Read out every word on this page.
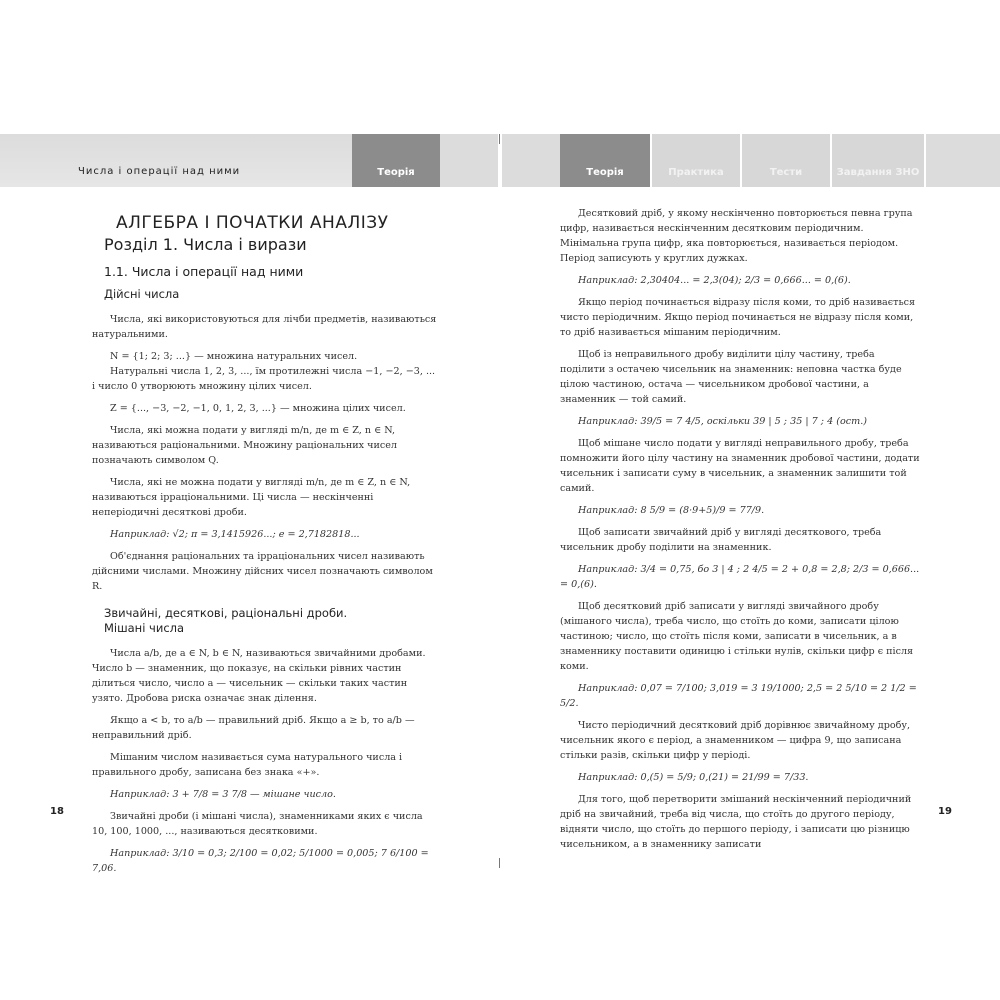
Числа і операції над ними	Теорія	Теорія	Практика	Тести	Завдання ЗНО
АЛГЕБРА І ПОЧАТКИ АНАЛІЗУ
Розділ 1. Числа і вирази
1.1. Числа і операції над ними
Дійсні числа

Числа, які використовуються для лічби предметів, називаються натуральними.

N = {1; 2; 3; ...} — множина натуральних чисел.

Натуральні числа 1, 2, 3, ..., їм протилежні числа −1, −2, −3, ... і число 0 утворюють множину цілих чисел.

Z = {..., −3, −2, −1, 0, 1, 2, 3, ...} — множина цілих чисел.

Числа, які можна подати у вигляді m/n, де m ∈ Z, n ∈ N, називаються раціональними. Множину раціональних чисел позначають символом Q.

Числа, які не можна подати у вигляді m/n, де m ∈ Z, n ∈ N, називаються ірраціональними. Ці числа — нескінченні неперіодичні десяткові дроби.

Наприклад: √2; π = 3,1415926...; e = 2,7182818...

Об'єднання раціональних та ірраціональних чисел називають дійсними числами. Множину дійсних чисел позначають символом R.

Звичайні, десяткові, раціональні дроби. Мішані числа

Числа a/b, де a ∈ N, b ∈ N, називаються звичайними дробами. Число b — знаменник, що показує, на скільки рівних частин ділиться число, число a — чисельник — скільки таких частин узято. Дробова риска означає знак ділення.

Якщо a < b, то a/b — правильний дріб. Якщо a ≥ b, то a/b — неправильний дріб.

Мішаним числом називається сума натурального числа і правильного дробу, записана без знака «+».

Наприклад: 3 + 7/8 = 3 7/8 — мішане число.

Звичайні дроби (і мішані числа), знаменниками яких є числа 10, 100, 1000, ..., називаються десятковими.

Наприклад: 3/10 = 0,3; 2/100 = 0,02; 5/1000 = 0,005; 7 6/100 = 7,06.

18

Десятковий дріб, у якому нескінченно повторюється певна група цифр, називається нескінченним десятковим періодичним. Мінімальна група цифр, яка повторюється, називається періодом. Період записують у круглих дужках.

Наприклад: 2,30404... = 2,3(04); 2/3 = 0,666... = 0,(6).

Якщо період починається відразу після коми, то дріб називається чисто періодичним. Якщо період починається не відразу після коми, то дріб називається мішаним періодичним.

Щоб із неправильного дробу виділити цілу частину, треба поділити з остачею чисельник на знаменник: неповна частка буде цілою частиною, остача — чисельником дробової частини, а знаменник — той самий.

Наприклад: 39/5 = 7 4/5, оскільки 39 | 5 ; 35 | 7 ; 4 (ост.)

Щоб мішане число подати у вигляді неправильного дробу, треба помножити його цілу частину на знаменник дробової частини, додати чисельник і записати суму в чисельник, а знаменник залишити той самий.

Наприклад: 8 5/9 = (8·9+5)/9 = 77/9.

Щоб записати звичайний дріб у вигляді десяткового, треба чисельник дробу поділити на знаменник.

Наприклад: 3/4 = 0,75, бо 3 | 4 ; 2 4/5 = 2 + 0,8 = 2,8; 2/3 = 0,666... = 0,(6).

Щоб десятковий дріб записати у вигляді звичайного дробу (мішаного числа), треба число, що стоїть до коми, записати цілою частиною; число, що стоїть після коми, записати в чисельник, а в знаменнику поставити одиницю і стільки нулів, скільки цифр є після коми.

Наприклад: 0,07 = 7/100; 3,019 = 3 19/1000; 2,5 = 2 5/10 = 2 1/2 = 5/2.

Чисто періодичний десятковий дріб дорівнює звичайному дробу, чисельник якого є період, а знаменником — цифра 9, що записана стільки разів, скільки цифр у періоді.

Наприклад: 0,(5) = 5/9; 0,(21) = 21/99 = 7/33.

Для того, щоб перетворити змішаний нескінченний періодичний дріб на звичайний, треба від числа, що стоїть до другого періоду, відняти число, що стоїть до першого періоду, і записати цю різницю чисельником, а в знаменнику записати

19
